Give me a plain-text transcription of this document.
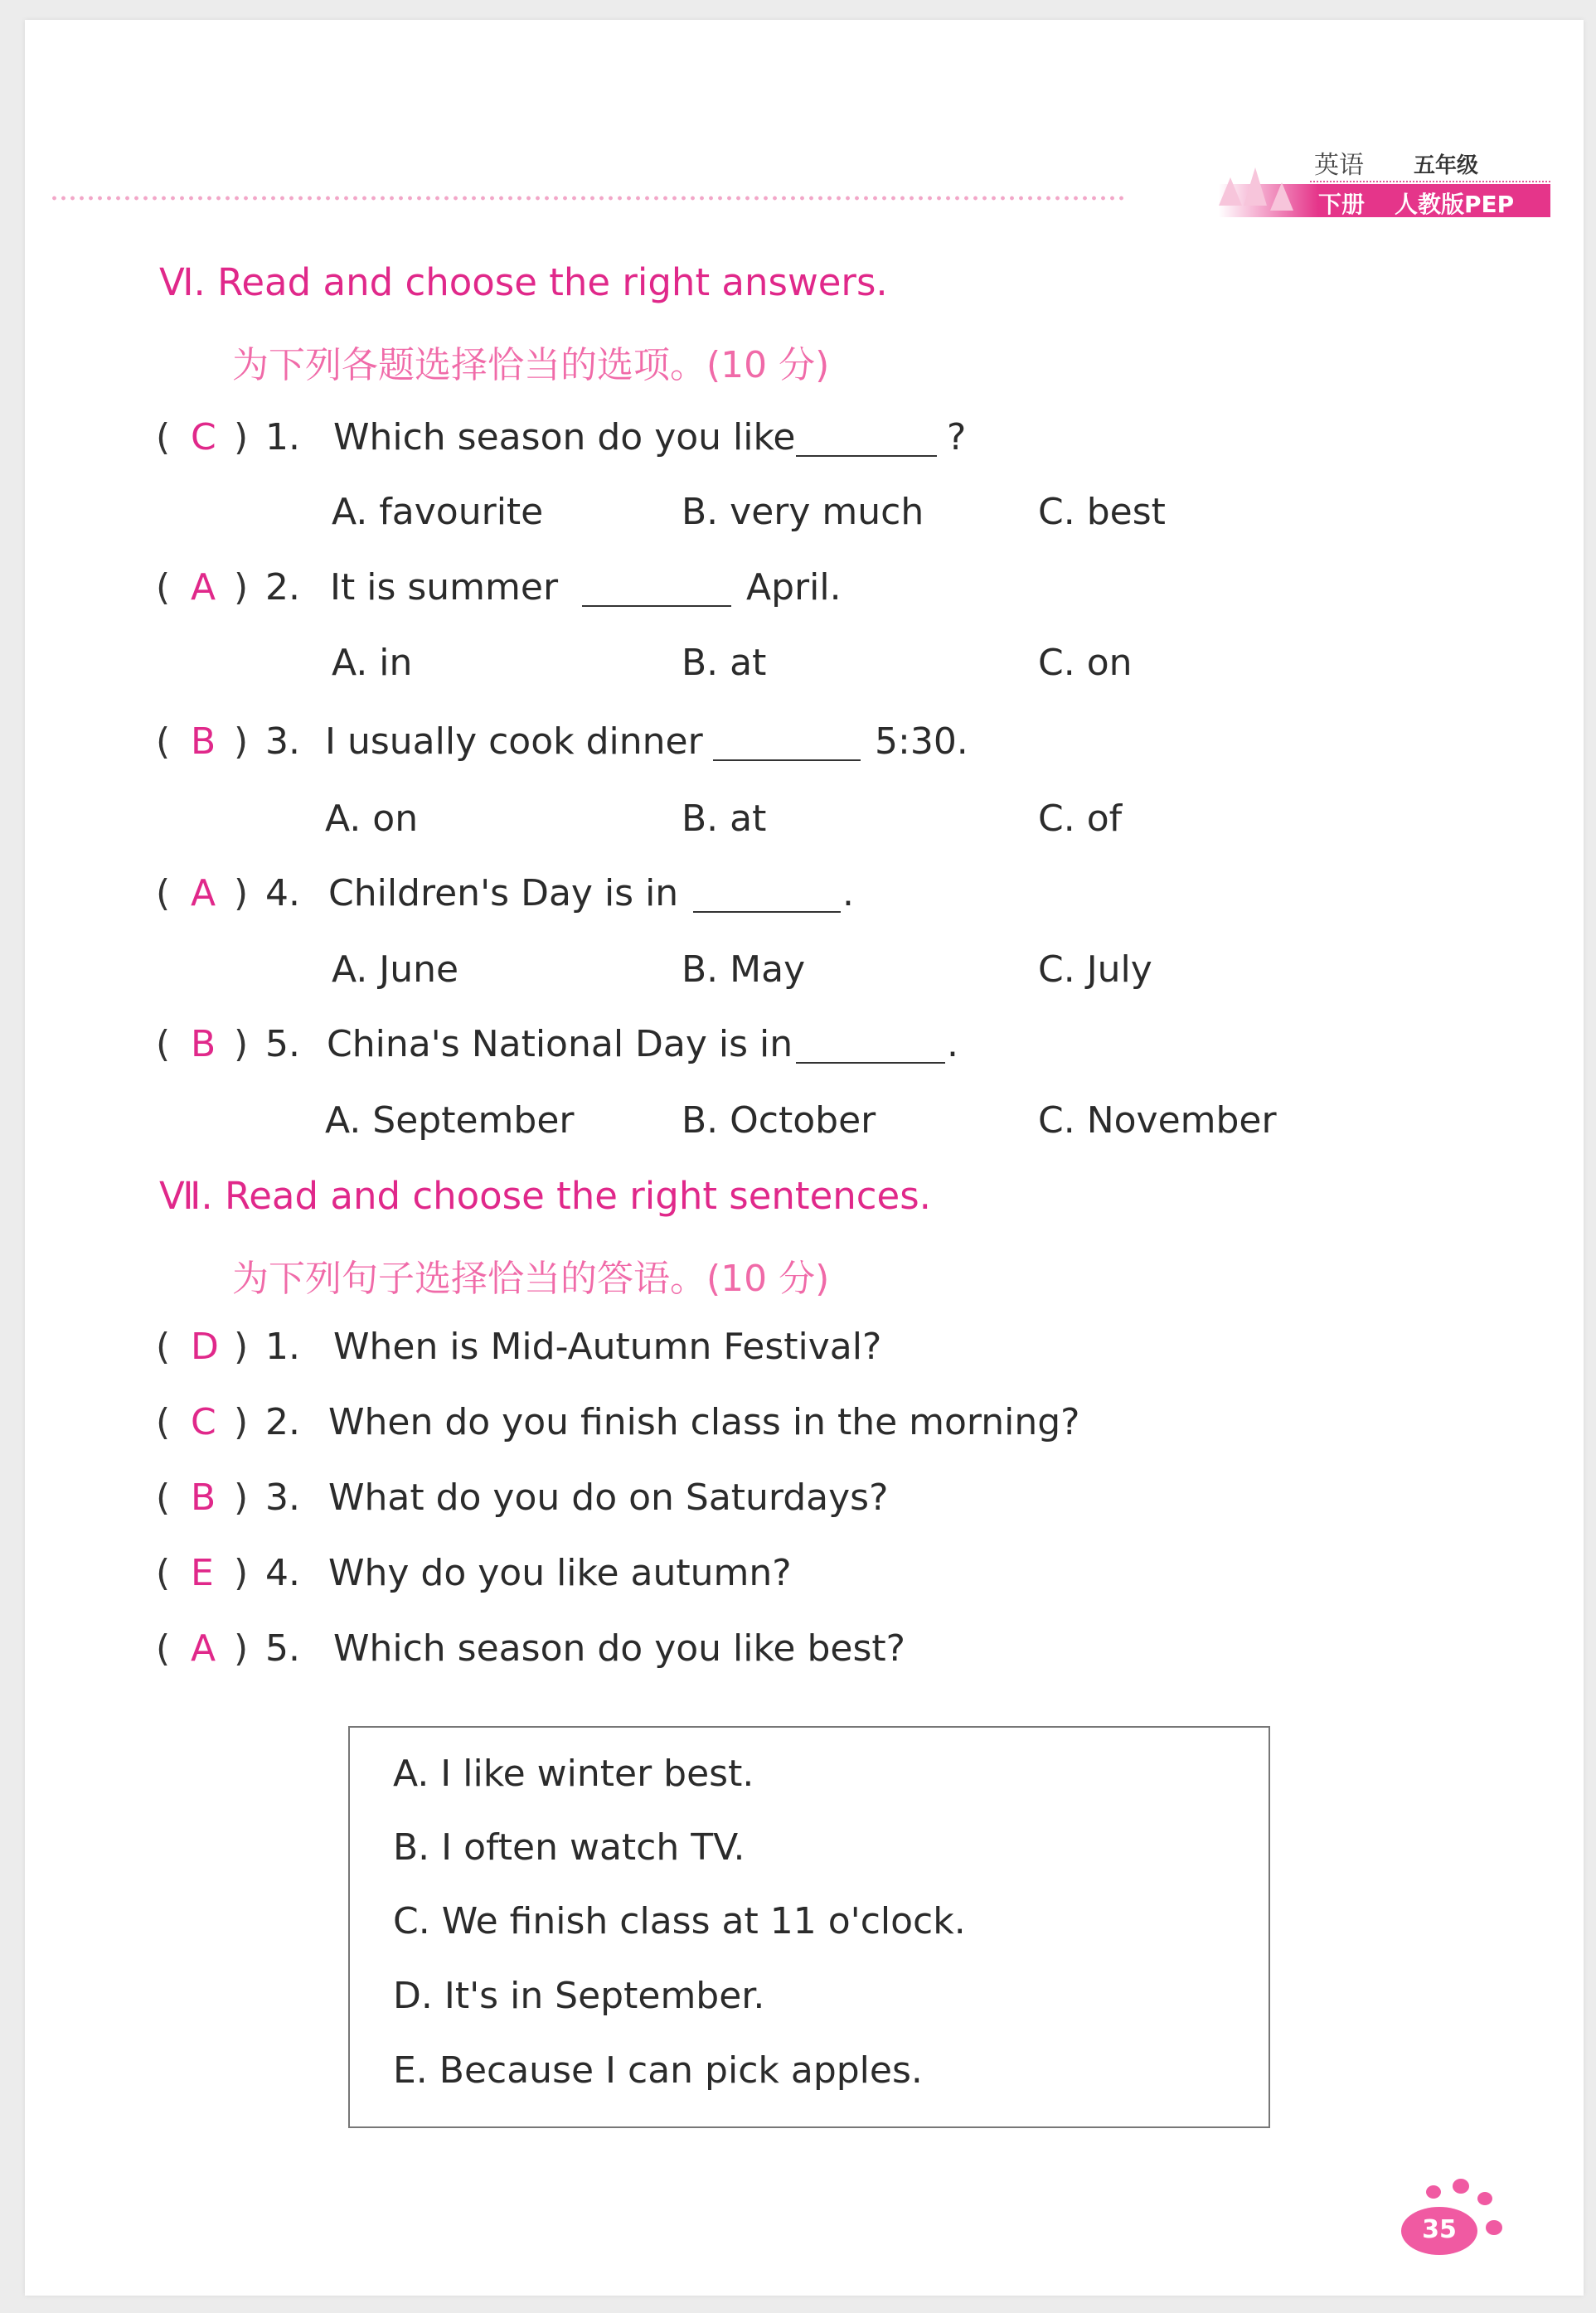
英语 五年级
下册 人教版PEP
Ⅵ. Read and choose the right answers.
为下列各题选择恰当的选项。(10 分)
( C ) 1. Which season do you like	?
A. favourite	B. very much	C. best
( A ) 2. It is summer	April.
A. in	B. at	C. on
( B ) 3. I usually cook dinner	5:30.
A. on	B. at	C. of
( A ) 4. Children's Day is in	.
A. June	B. May	C. July
( B ) 5. China's National Day is in	.
A. September	B. October	C. November
Ⅶ. Read and choose the right sentences.
为下列句子选择恰当的答语。(10 分)
( D ) 1. When is Mid-Autumn Festival?
( C ) 2. When do you finish class in the morning?
( B ) 3. What do you do on Saturdays?
( E ) 4. Why do you like autumn?
( A ) 5. Which season do you like best?
A. I like winter best.
B. I often watch TV.
C. We finish class at 11 o'clock.
D. It's in September.
E. Because I can pick apples.
35
